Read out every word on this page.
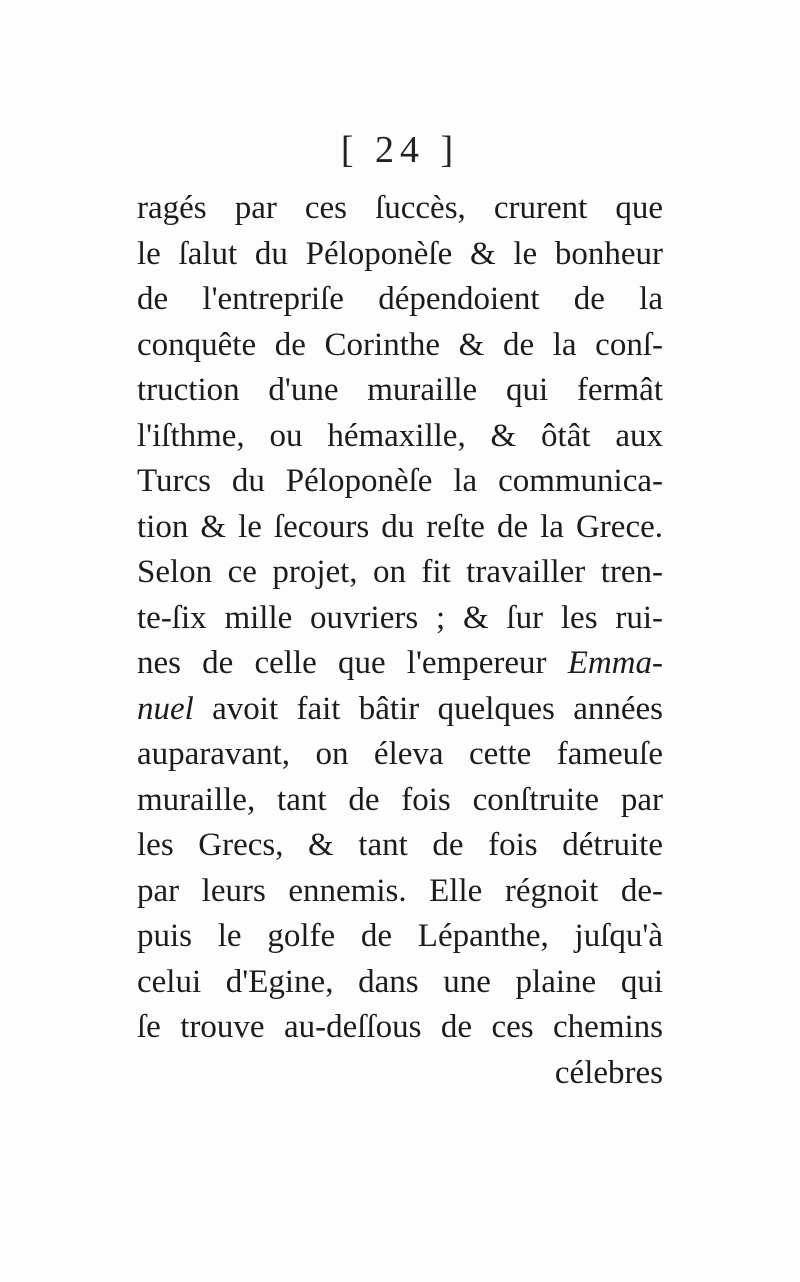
[ 24 ]
ragés par ces ſuccès, crurent que
le ſalut du Péloponèſe & le bonheur
de l'entrepriſe dépendoient de la
conquête de Corinthe & de la conſ-
truction d'une muraille qui fermât
l'iſthme, ou hémaxille, & ôtât aux
Turcs du Péloponèſe la communica-
tion & le ſecours du reſte de la Grece.
Selon ce projet, on fit travailler tren-
te-ſix mille ouvriers ; & ſur les rui-
nes de celle que l'empereur Emma-
nuel avoit fait bâtir quelques années
auparavant, on éleva cette fameuſe
muraille, tant de fois conſtruite par
les Grecs, & tant de fois détruite
par leurs ennemis. Elle régnoit de-
puis le golfe de Lépanthe, juſqu'à
celui d'Egine, dans une plaine qui
ſe trouve au-deſſous de ces chemins
célebres
